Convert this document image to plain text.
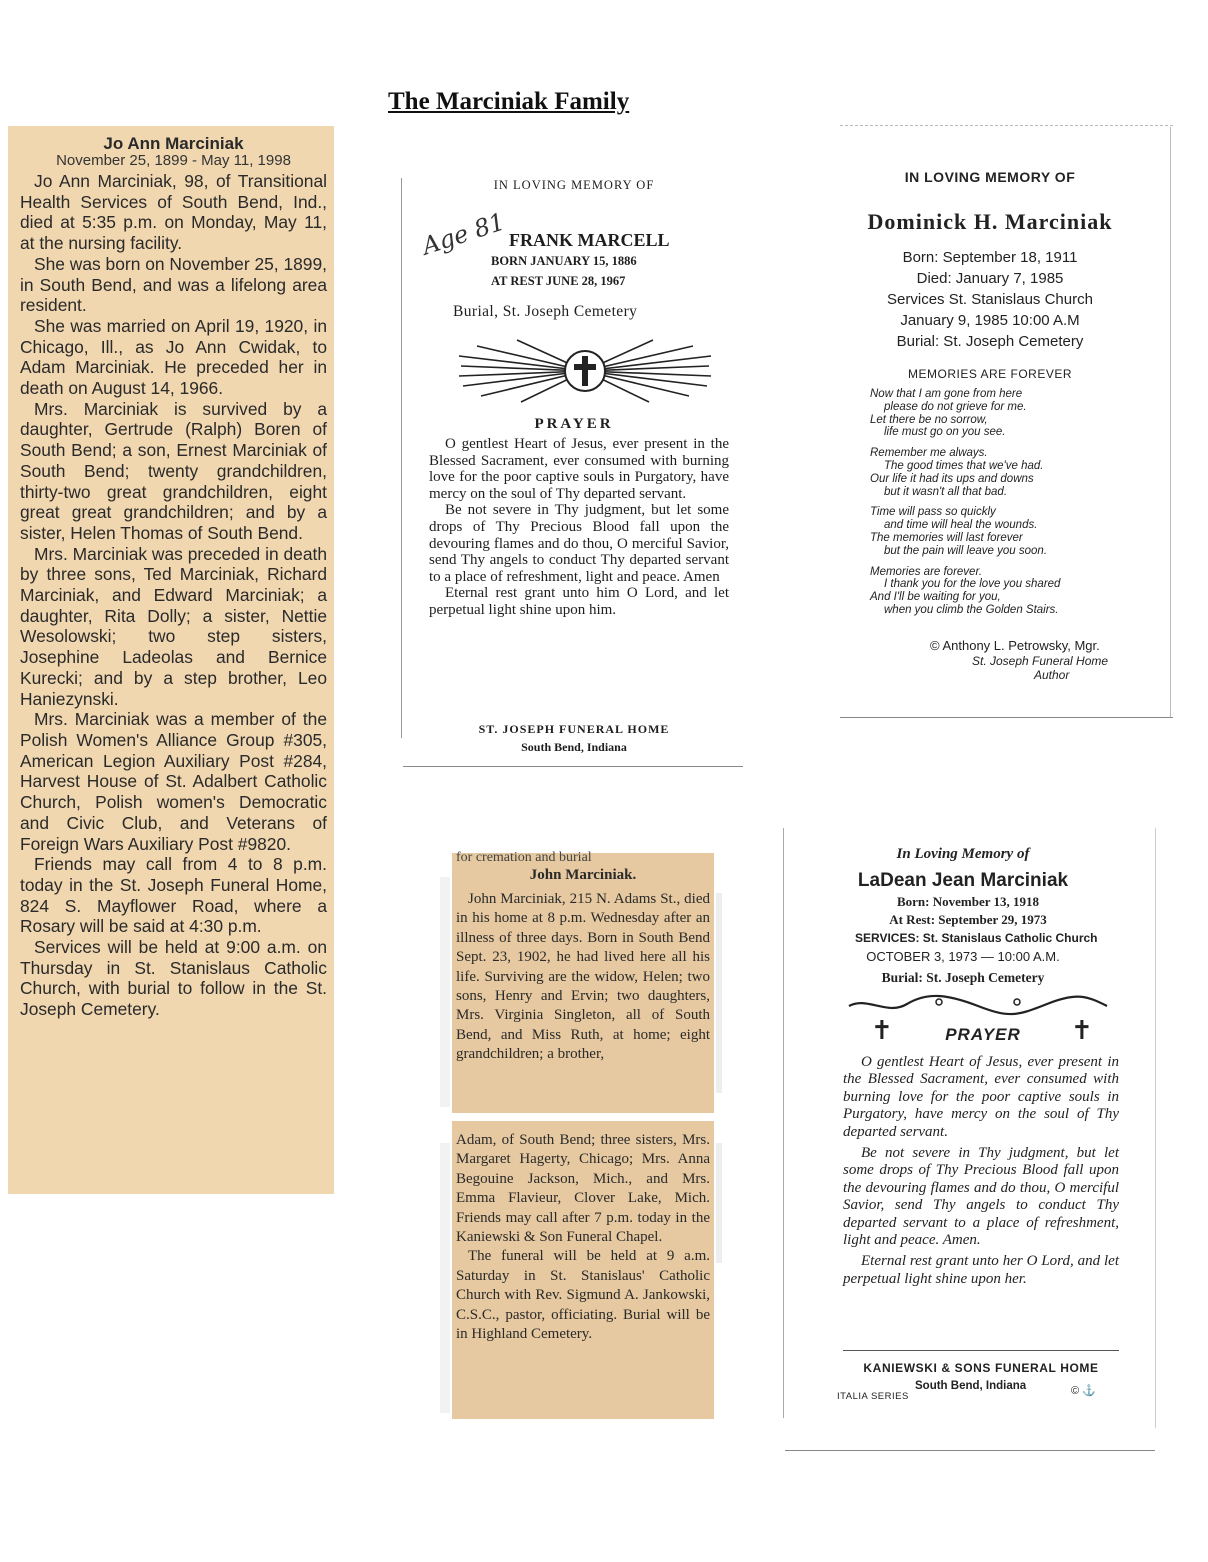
The Marciniak Family
Jo Ann Marciniak
November 25, 1899 - May 11, 1998

Jo Ann Marciniak, 98, of Transitional Health Services of South Bend, Ind., died at 5:35 p.m. on Monday, May 11, at the nursing facility.

She was born on November 25, 1899, in South Bend, and was a lifelong area resident.

She was married on April 19, 1920, in Chicago, Ill., as Jo Ann Cwidak, to Adam Marciniak. He preceded her in death on August 14, 1966.

Mrs. Marciniak is survived by a daughter, Gertrude (Ralph) Boren of South Bend; a son, Ernest Marciniak of South Bend; twenty grandchildren, thirty-two great grandchildren, eight great great grandchildren; and by a sister, Helen Thomas of South Bend.

Mrs. Marciniak was preceded in death by three sons, Ted Marciniak, Richard Marciniak, and Edward Marciniak; a daughter, Rita Dolly; a sister, Nettie Wesolowski; two step sisters, Josephine Ladeolas and Bernice Kurecki; and by a step brother, Leo Haniezynski.

Mrs. Marciniak was a member of the Polish Women's Alliance Group #305, American Legion Auxiliary Post #284, Harvest House of St. Adalbert Catholic Church, Polish women's Democratic and Civic Club, and Veterans of Foreign Wars Auxiliary Post #9820.

Friends may call from 4 to 8 p.m. today in the St. Joseph Funeral Home, 824 S. Mayflower Road, where a Rosary will be said at 4:30 p.m.

Services will be held at 9:00 a.m. on Thursday in St. Stanislaus Catholic Church, with burial to follow in the St. Joseph Cemetery.

IN LOVING MEMORY OF
Age 81 FRANK MARCELL
BORN JANUARY 15, 1886
AT REST JUNE 28, 1967
Burial, St. Joseph Cemetery
PRAYER

O gentlest Heart of Jesus, ever present in the Blessed Sacrament, ever consumed with burning love for the poor captive souls in Purgatory, have mercy on the soul of Thy departed servant.

Be not severe in Thy judgment, but let some drops of Thy Precious Blood fall upon the devouring flames and do thou, O merciful Savior, send Thy angels to conduct Thy departed servant to a place of refreshment, light and peace. Amen

Eternal rest grant unto him O Lord, and let perpetual light shine upon him.

ST. JOSEPH FUNERAL HOME
South Bend, Indiana
IN LOVING MEMORY OF
Dominick H. Marciniak
Born: September 18, 1911
Died: January 7, 1985
Services St. Stanislaus Church
January 9, 1985 10:00 A.M
Burial: St. Joseph Cemetery
MEMORIES ARE FOREVER
Now that I am gone from here
please do not grieve for me.
Let there be no sorrow,
life must go on you see.
Remember me always.
The good times that we've had.
Our life it had its ups and downs
but it wasn't all that bad.
Time will pass so quickly
and time will heal the wounds.
The memories will last forever
but the pain will leave you soon.
Memories are forever.
I thank you for the love you shared
And I'll be waiting for you,
when you climb the Golden Stairs.
© Anthony L. Petrowsky, Mgr.
St. Joseph Funeral Home
Author
for cremation and burial
John Marciniak.

John Marciniak, 215 N. Adams St., died in his home at 8 p.m. Wednesday after an illness of three days. Born in South Bend Sept. 23, 1902, he had lived here all his life. Surviving are the widow, Helen; two sons, Henry and Ervin; two daughters, Mrs. Virginia Singleton, all of South Bend, and Miss Ruth, at home; eight grandchildren; a brother,

Adam, of South Bend; three sisters, Mrs. Margaret Hagerty, Chicago; Mrs. Anna Begouine Jackson, Mich., and Mrs. Emma Flavieur, Clover Lake, Mich. Friends may call after 7 p.m. today in the Kaniewski & Son Funeral Chapel.

The funeral will be held at 9 a.m. Saturday in St. Stanislaus' Catholic Church with Rev. Sigmund A. Jankowski, C.S.C., pastor, officiating. Burial will be in Highland Cemetery.

In Loving Memory of
LaDean Jean Marciniak
Born: November 13, 1918
At Rest: September 29, 1973
SERVICES: St. Stanislaus Catholic Church
OCTOBER 3, 1973 — 10:00 A.M.
Burial: St. Joseph Cemetery
✝	✝
PRAYER

O gentlest Heart of Jesus, ever present in the Blessed Sacrament, ever consumed with burning love for the poor captive souls in Purgatory, have mercy on the soul of Thy departed servant.

Be not severe in Thy judgment, but let some drops of Thy Precious Blood fall upon the devouring flames and do thou, O merciful Savior, send Thy angels to conduct Thy departed servant to a place of refreshment, light and peace. Amen.

Eternal rest grant unto her O Lord, and let perpetual light shine upon her.

KANIEWSKI & SONS FUNERAL HOME
South Bend, Indiana
ITALIA SERIES	© ⚓
